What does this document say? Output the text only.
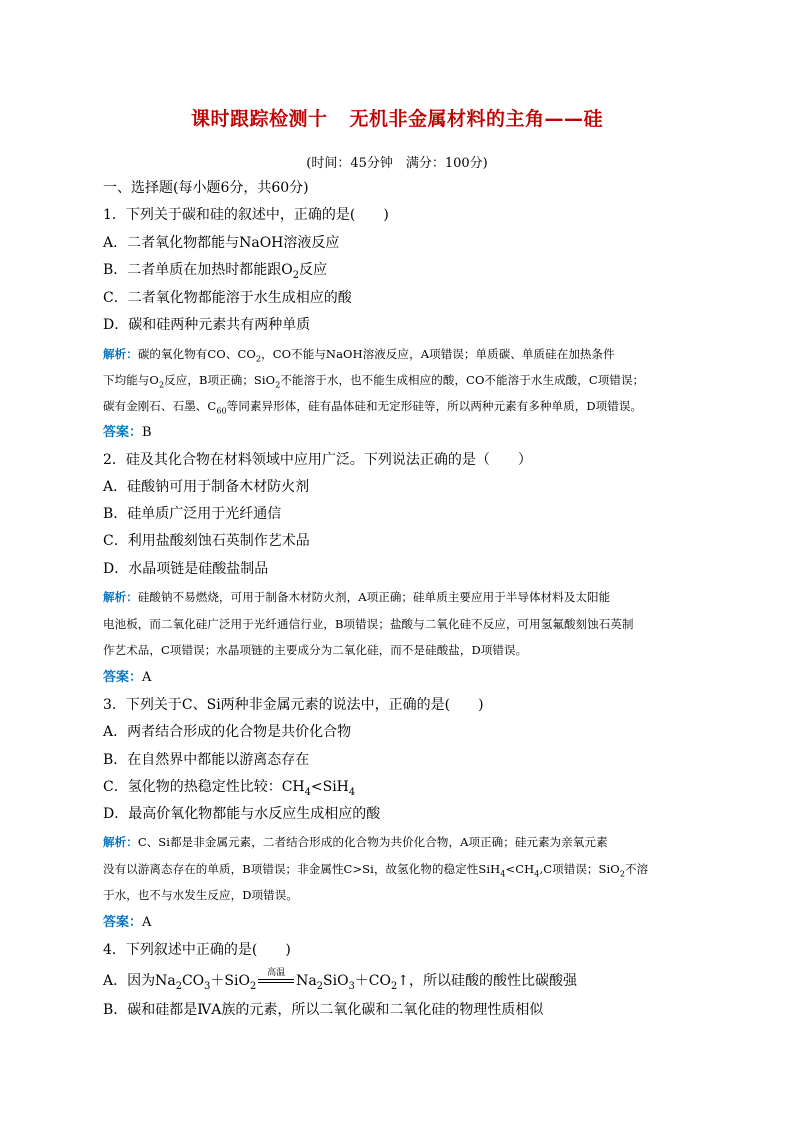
课时跟踪检测十 无机非金属材料的主角——硅
(时间：45分钟　满分：100分)
一、选择题(每小题6分，共60分)
1．下列关于碳和硅的叙述中，正确的是(　　)
A．二者氧化物都能与NaOH溶液反应
B．二者单质在加热时都能跟$O_2$反应
C．二者氧化物都能溶于水生成相应的酸
D．碳和硅两种元素共有两种单质
解析：碳的氧化物有CO、$CO_2$，CO不能与NaOH溶液反应，A项错误；单质碳、单质硅在加热条件
下均能与$O_2$反应，B项正确；SiO$_2$不能溶于水，也不能生成相应的酸，CO不能溶于水生成酸，C项错误；
碳有金刚石、石墨、$C_{60}$等同素异形体，硅有晶体硅和无定形硅等，所以两种元素有多种单质，D项错误。
答案：B
2．硅及其化合物在材料领域中应用广泛。下列说法正确的是（　　）
A．硅酸钠可用于制备木材防火剂
B．硅单质广泛用于光纤通信
C．利用盐酸刻蚀石英制作艺术品
D．水晶项链是硅酸盐制品
解析：硅酸钠不易燃烧，可用于制备木材防火剂，A项正确；硅单质主要应用于半导体材料及太阳能
电池板，而二氧化硅广泛用于光纤通信行业，B项错误；盐酸与二氧化硅不反应，可用氢氟酸刻蚀石英制
作艺术品，C项错误；水晶项链的主要成分为二氧化硅，而不是硅酸盐，D项错误。
答案：A
3．下列关于C、Si两种非金属元素的说法中，正确的是(　　)
A．两者结合形成的化合物是共价化合物
B．在自然界中都能以游离态存在
C．氢化物的热稳定性比较：$CH_4<SiH_4$
D．最高价氧化物都能与水反应生成相应的酸
解析：C、Si都是非金属元素，二者结合形成的化合物为共价化合物，A项正确；硅元素为亲氧元素
没有以游离态存在的单质，B项错误；非金属性C>Si，故氢化物的稳定性$SiH_4<CH_4,C$项错误；SiO$_2$不溶
于水，也不与水发生反应，D项错误。
答案：A
4．下列叙述中正确的是(　　)
A．因为$Na_2CO_3+SiO_2$
高温 $Na_2SiO_3+CO_2↑$，所以硅酸的酸性比碳酸强
B．碳和硅都是ⅣA族的元素，所以二氧化碳和二氧化硅的物理性质相似
